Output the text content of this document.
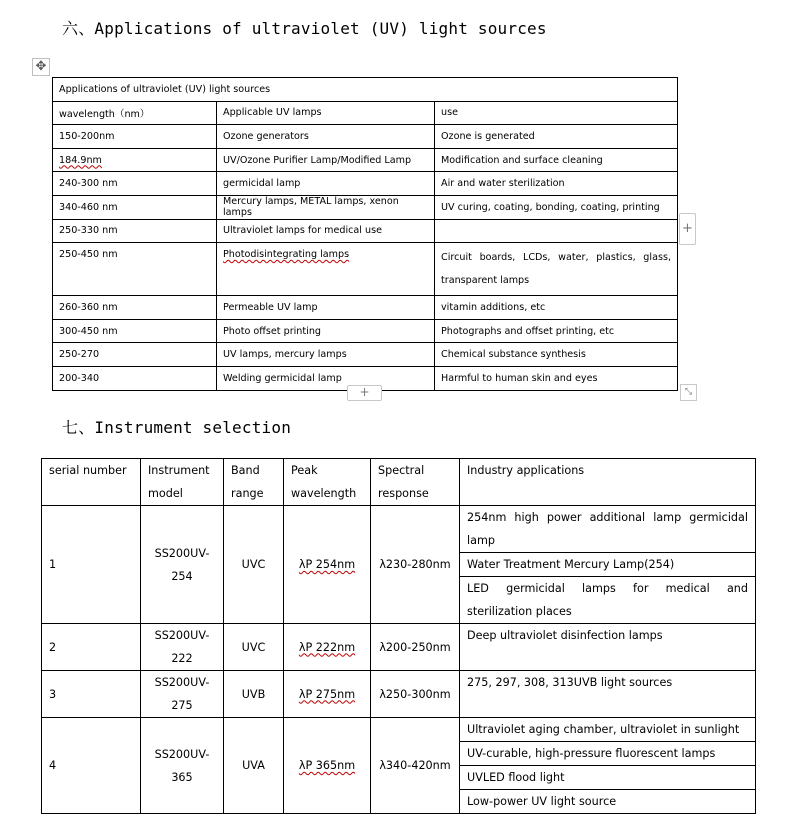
六、Applications of ultraviolet (UV) light sources
✥
Applications of ultraviolet (UV) light sources		
wavelength（nm）	Applicable UV lamps	use
150-200nm	Ozone generators	Ozone is generated
184.9nm	UV/Ozone Purifier Lamp/Modified Lamp	Modification and surface cleaning
240-300 nm	germicidal lamp	Air and water sterilization
340-460 nm	Mercury lamps, METAL lamps, xenon lamps	UV curing, coating, bonding, coating, printing
250-330 nm	Ultraviolet lamps for medical use	
250-450 nm	Photodisintegrating lamps	Circuit boards, LCDs, water, plastics, glass, transparent lamps
260-360 nm	Permeable UV lamp	vitamin additions, etc
300-450 nm	Photo offset printing	Photographs and offset printing, etc
250-270	UV lamps, mercury lamps	Chemical substance synthesis
200-340	Welding germicidal lamp	Harmful to human skin and eyes
+
+	⤡
七、Instrument selection
serial number	Instrument model	Band range	Peak wavelength	Spectral response	Industry applications
1	SS200UV-254	UVC	λP 254nm	λ230-280nm	254nm high power additional lamp germicidal lamp
					Water Treatment Mercury Lamp(254)
					LED germicidal lamps for medical and sterilization places
2	SS200UV-222	UVC	λP 222nm	λ200-250nm	Deep ultraviolet disinfection lamps
3	SS200UV-275	UVB	λP 275nm	λ250-300nm	275, 297, 308, 313UVB light sources
4	SS200UV-365	UVA	λP 365nm	λ340-420nm	Ultraviolet aging chamber, ultraviolet in sunlight
					UV-curable, high-pressure fluorescent lamps
					UVLED flood light
					Low-power UV light source
